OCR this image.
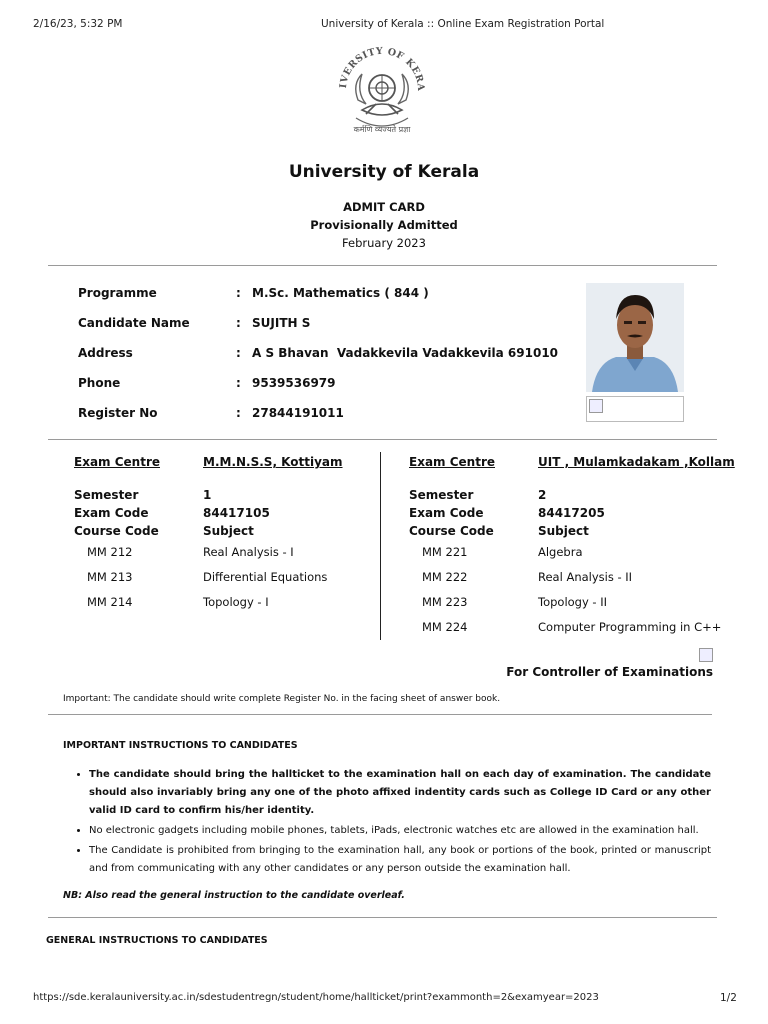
2/16/23, 5:32 PM	University of Kerala :: Online Exam Registration Portal
IVERSITY OF KERA
कर्मणि व्यज्यते प्रज्ञा
University of Kerala
ADMIT CARD
Provisionally Admitted
February 2023
Programme	: M.Sc. Mathematics ( 844 )
Candidate Name	: SUJITH S
Address	: A S Bhavan  Vadakkevila Vadakkevila 691010
Phone	: 9539536979
Register No	: 27844191011
Exam Centre	M.M.N.S.S, Kottiyam
Semester	1
Exam Code	84417105
Course Code	Subject
MM 212	Real Analysis - I
MM 213	Differential Equations
MM 214	Topology - I
Exam Centre	UIT , Mulamkadakam ,Kollam
Semester	2
Exam Code	84417205
Course Code	Subject
MM 221	Algebra
MM 222	Real Analysis - II
MM 223	Topology - II
MM 224	Computer Programming in C++
For Controller of Examinations
Important: The candidate should write complete Register No. in the facing sheet of answer book.
IMPORTANT INSTRUCTIONS TO CANDIDATES
• The candidate should bring the hallticket to the examination hall on each day of examination. The candidate should also invariably bring any one of the photo affixed indentity cards such as College ID Card or any other valid ID card to confirm his/her identity.
• No electronic gadgets including mobile phones, tablets, iPads, electronic watches etc are allowed in the examination hall.
• The Candidate is prohibited from bringing to the examination hall, any book or portions of the book, printed or manuscript and from communicating with any other candidates or any person outside the examination hall.
NB: Also read the general instruction to the candidate overleaf.
GENERAL INSTRUCTIONS TO CANDIDATES
https://sde.keralauniversity.ac.in/sdestudentregn/student/home/hallticket/print?exammonth=2&examyear=2023	1/2
